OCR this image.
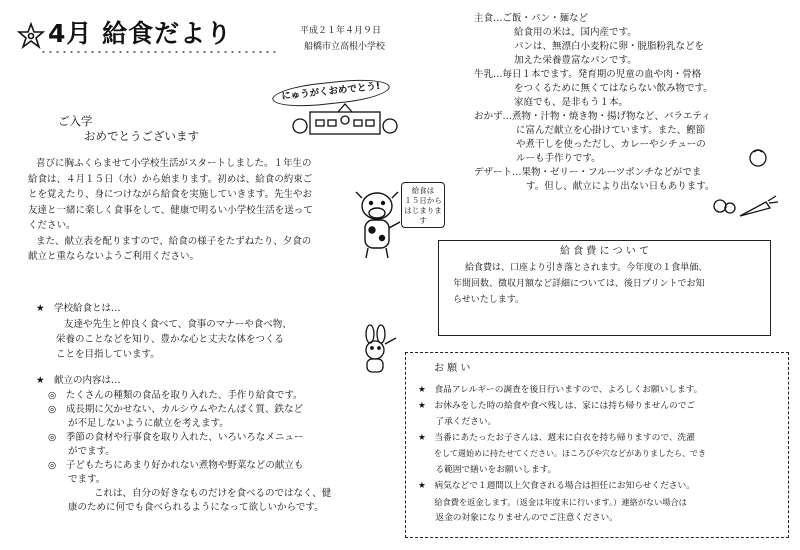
4月 給食だより	平成２１年４月９日
船橋市立高根小学校
にゅうがくおめでとう!
ご入学
おめでとうございます
喜びに胸ふくらませて小学校生活がスタートしました。１年生の
給食は、４月１５日（水）から始まります。初めは、給食の約束ご
とを覚えたり、身につけながら給食を実施していきます。先生やお
友達と一緒に楽しく食事をして、健康で明るい小学校生活を送って
ください。
また、献立表を配りますので、給食の様子をたずねたり、夕食の
献立と重ならないようご利用ください。
給食は
１５日から
はじまります
★　学校給食とは…
友達や先生と仲良く食べて、食事のマナーや食べ物、
栄養のことなどを知り、豊かな心と丈夫な体をつくる
ことを目指しています。
★　献立の内容は…
◎　 たくさんの種類の食品を取り入れた、手作り給食です。
◎　 成長期に欠かせない、カルシウムやたんぱく質、鉄など
が不足しないように献立を考えます。
◎　 季節の食材や行事食を取り入れた、いろいろなメニュー
がでます。
◎　 子どもたちにあまり好かれない煮物や野菜などの献立も
でます。
これは、自分の好きなものだけを食べるのではなく、健
康のために何でも食べられるようになって欲しいからです。
主食…ご飯・パン・麺など
給食用の米は、国内産です。
パンは、無漂白小麦粉に卵・脱脂粉乳などを
加えた栄養豊富なパンです。
牛乳…毎日１本でます。発育期の児童の血や肉・骨格
をつくるために無くてはならない飲み物です。
家庭でも、是非もう１本。
おかず…煮物・汁物・焼き物・揚げ物など、バラエティ
に富んだ献立を心掛けています。また、鰹節
や煮干しを使っただし、カレーやシチューの
ルーも手作りです。
デザート…果物・ゼリー・フルーツポンチなどがでま
す。但し、献立により出ない日もあります。
給 食 費 に つ い て
給食費は、口座より引き落とされます。今年度の１食単価、
年間回数、徴収月額など詳細については、後日プリントでお知
らせいたします。
お 願 い
★　食品アレルギーの調査を後日行いますので、よろしくお願いします。
★　お休みをした時の給食や食べ残しは、家には持ち帰りませんのでご
　　了承ください。
★　当番にあたったお子さんは、週末に白衣を持ち帰りますので、洗濯
　　をして週始めに持たせてください。ほころびや穴などがありましたら、でき
　　る範囲で繕いをお願いします。
★　病気などで１週間以上欠食される場合は担任にお知らせください。
　　給食費を返金します。（返金は年度末に行います。）連絡がない場合は
　　返金の対象になりませんのでご注意ください。
